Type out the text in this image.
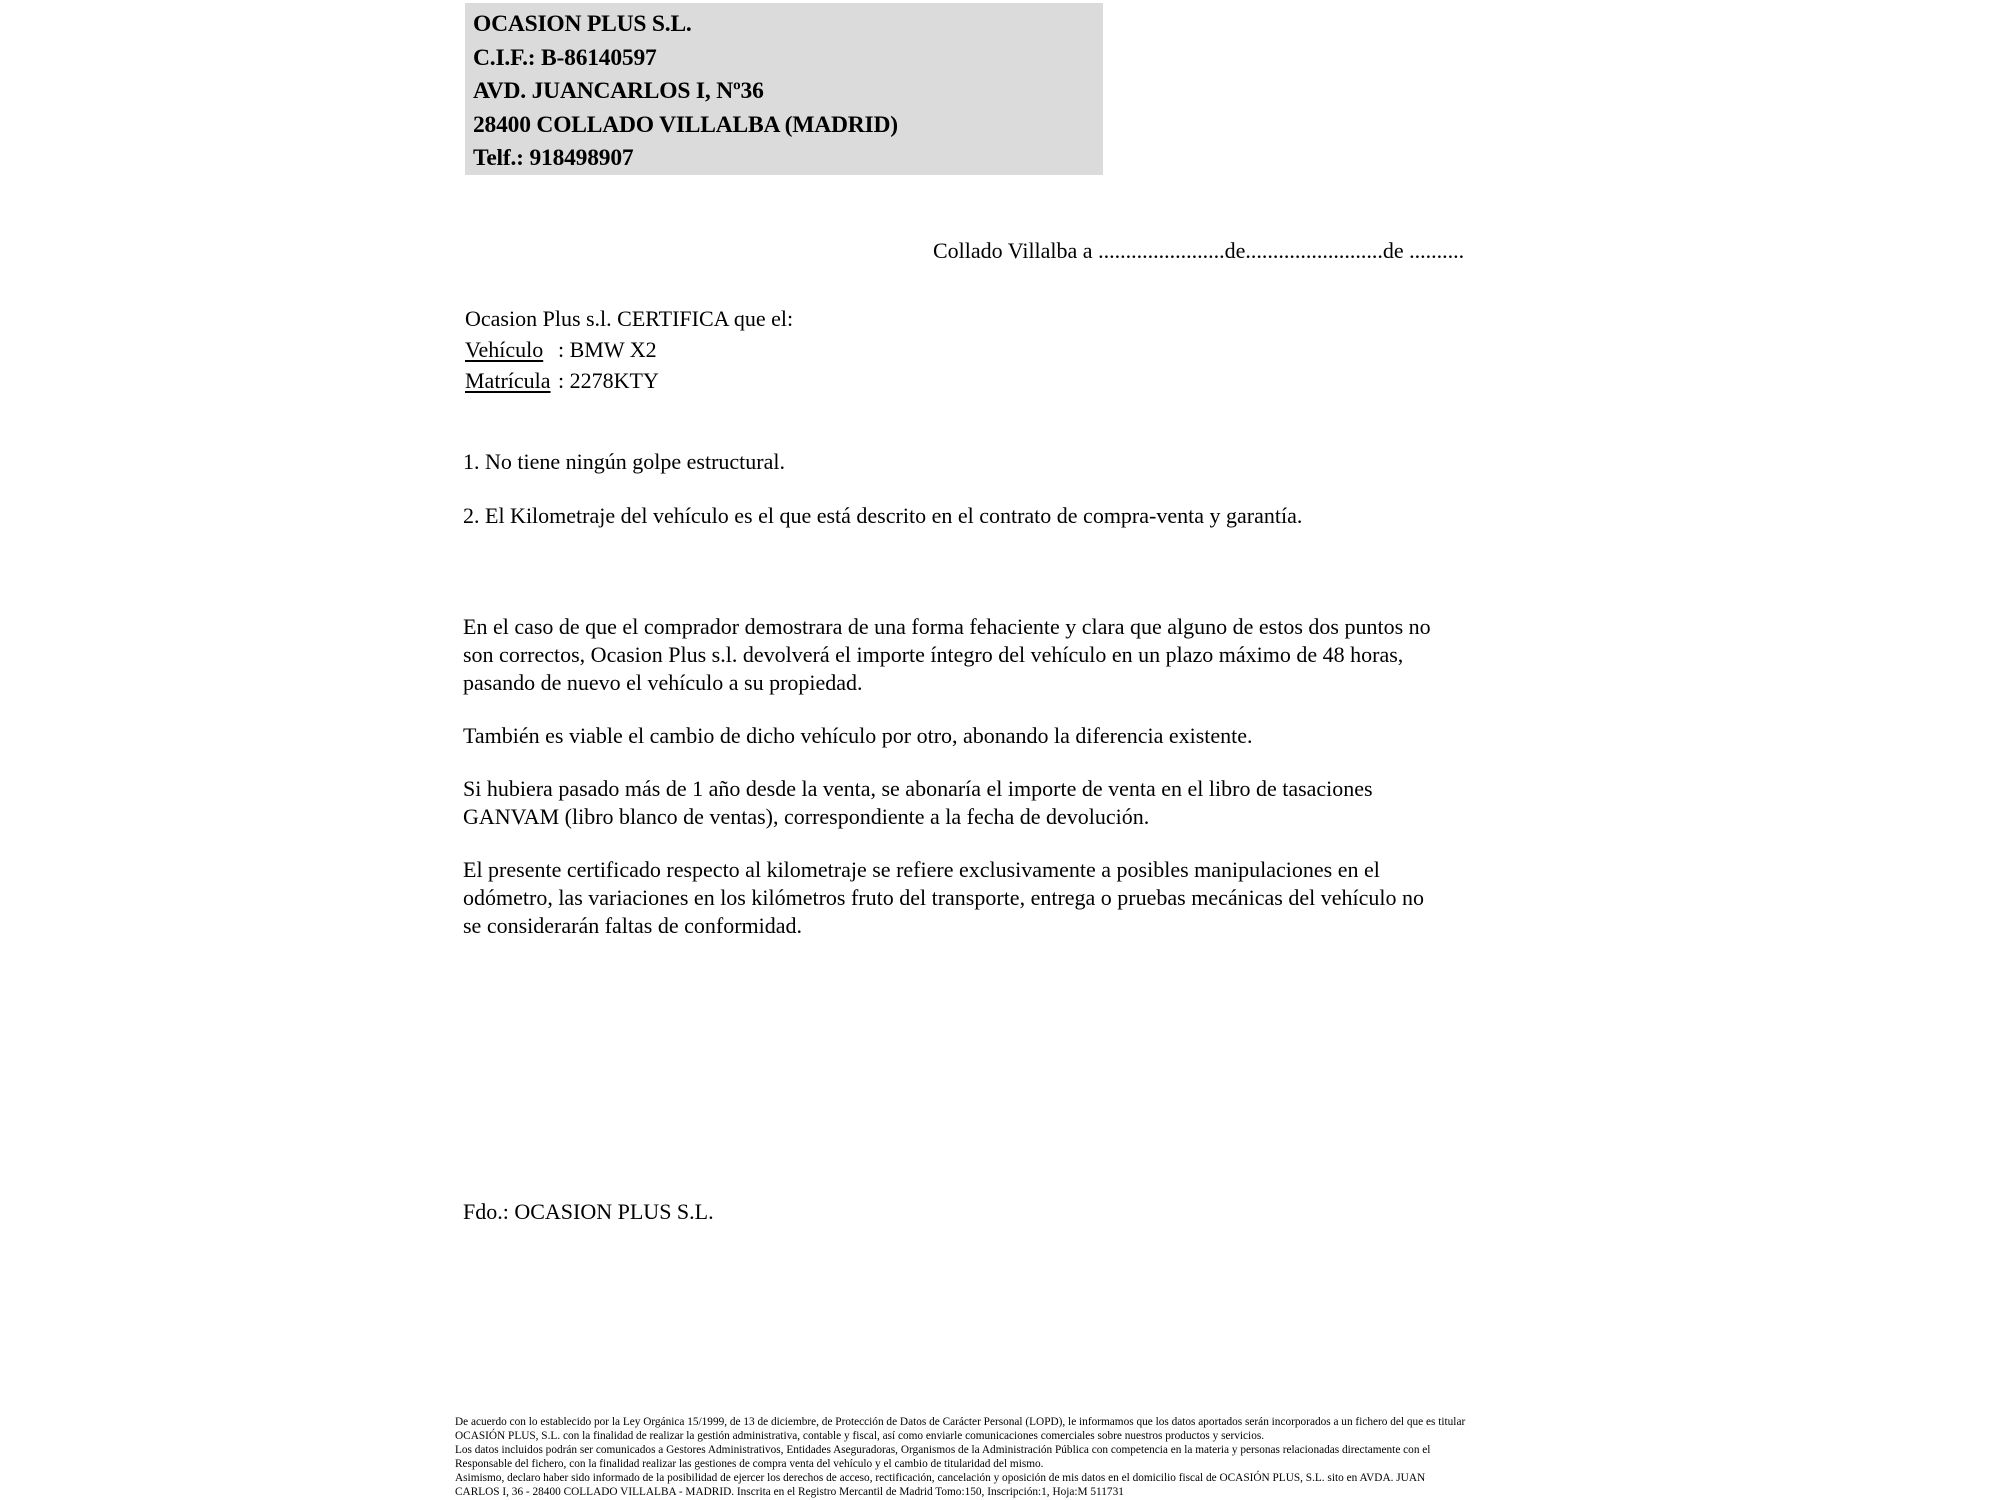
OCASION PLUS S.L.
C.I.F.: B-86140597
AVD. JUANCARLOS I, Nº36
28400 COLLADO VILLALBA (MADRID)
Telf.: 918498907
Collado Villalba a .......................de.........................de ..........
Ocasion Plus s.l. CERTIFICA que el:
Vehículo : BMW X2
Matrícula : 2278KTY
1. No tiene ningún golpe estructural.
2. El Kilometraje del vehículo es el que está descrito en el contrato de compra-venta y garantía.
En el caso de que el comprador demostrara de una forma fehaciente y clara que alguno de estos dos puntos no
son correctos, Ocasion Plus s.l. devolverá el importe íntegro del vehículo en un plazo máximo de 48 horas,
pasando de nuevo el vehículo a su propiedad.
También es viable el cambio de dicho vehículo por otro, abonando la diferencia existente.
Si hubiera pasado más de 1 año desde la venta, se abonaría el importe de venta en el libro de tasaciones
GANVAM (libro blanco de ventas), correspondiente a la fecha de devolución.
El presente certificado respecto al kilometraje se refiere exclusivamente a posibles manipulaciones en el
odómetro, las variaciones en los kilómetros fruto del transporte, entrega o pruebas mecánicas del vehículo no
se considerarán faltas de conformidad.
Fdo.: OCASION PLUS S.L.
De acuerdo con lo establecido por la Ley Orgánica 15/1999, de 13 de diciembre, de Protección de Datos de Carácter Personal (LOPD), le informamos que los datos aportados serán incorporados a un fichero del que es titular
OCASIÓN PLUS, S.L. con la finalidad de realizar la gestión administrativa, contable y fiscal, así como enviarle comunicaciones comerciales sobre nuestros productos y servicios.
Los datos incluidos podrán ser comunicados a Gestores Administrativos, Entidades Aseguradoras, Organismos de la Administración Pública con competencia en la materia y personas relacionadas directamente con el
Responsable del fichero, con la finalidad realizar las gestiones de compra venta del vehículo y el cambio de titularidad del mismo.
Asimismo, declaro haber sido informado de la posibilidad de ejercer los derechos de acceso, rectificación, cancelación y oposición de mis datos en el domicilio fiscal de OCASIÓN PLUS, S.L. sito en AVDA. JUAN
CARLOS I, 36 - 28400 COLLADO VILLALBA - MADRID. Inscrita en el Registro Mercantil de Madrid Tomo:150, Inscripción:1, Hoja:M 511731
